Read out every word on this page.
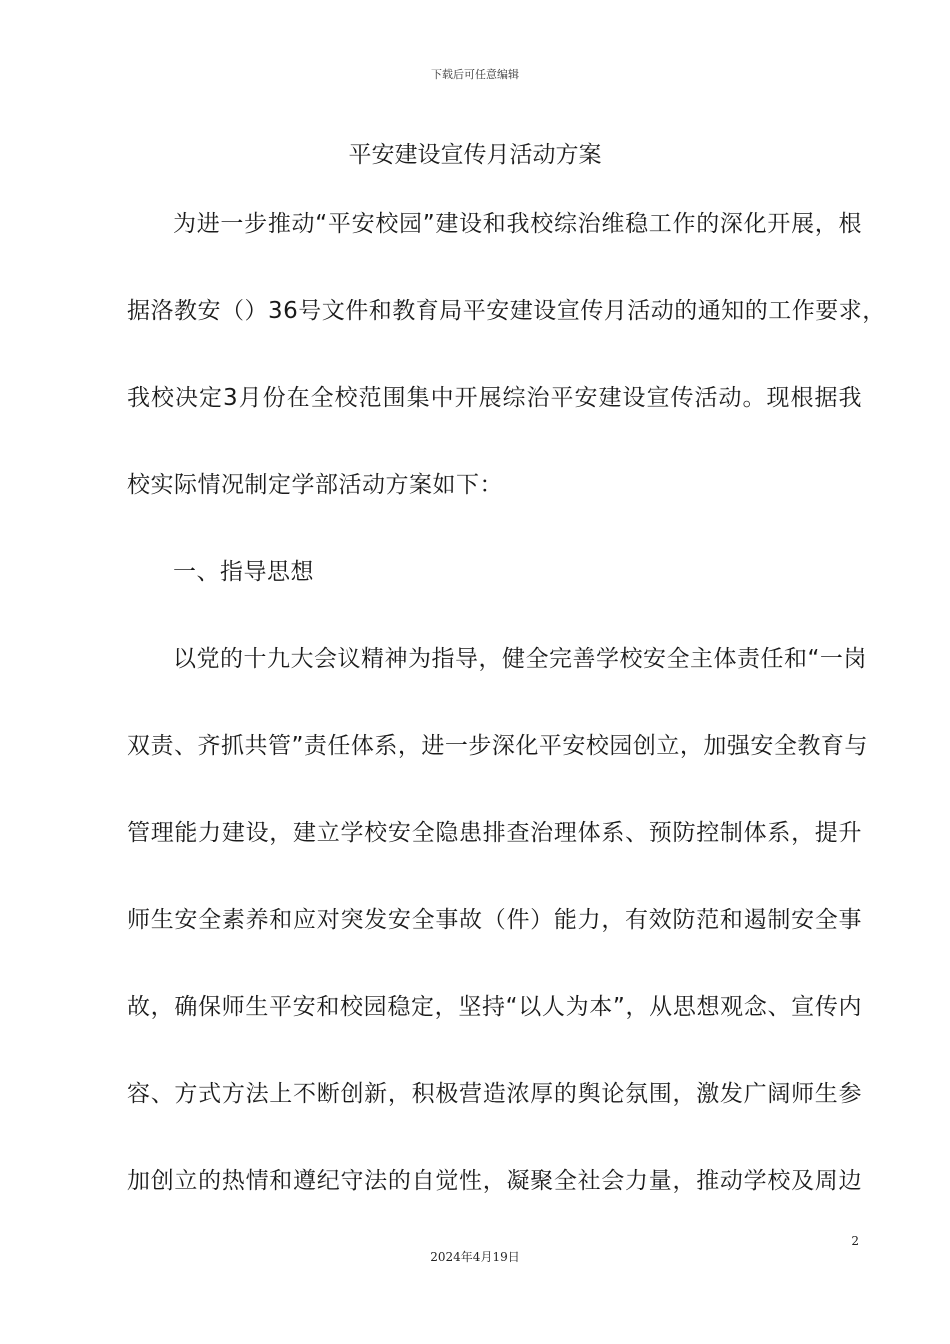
下载后可任意编辑
平安建设宣传月活动方案
为进一步推动“平安校园”建设和我校综治维稳工作的深化开展，根
据洛教安（）36号文件和教育局平安建设宣传月活动的通知的工作要求，
我校决定3月份在全校范围集中开展综治平安建设宣传活动。现根据我
校实际情况制定学部活动方案如下：
一、指导思想
以党的十九大会议精神为指导，健全完善学校安全主体责任和“一岗
双责、齐抓共管”责任体系，进一步深化平安校园创立，加强安全教育与
管理能力建设，建立学校安全隐患排查治理体系、预防控制体系，提升
师生安全素养和应对突发安全事故（件）能力，有效防范和遏制安全事
故，确保师生平安和校园稳定，坚持“以人为本”，从思想观念、宣传内
容、方式方法上不断创新，积极营造浓厚的舆论氛围，激发广阔师生参
加创立的热情和遵纪守法的自觉性，凝聚全社会力量，推动学校及周边
2
2024年4月19日
